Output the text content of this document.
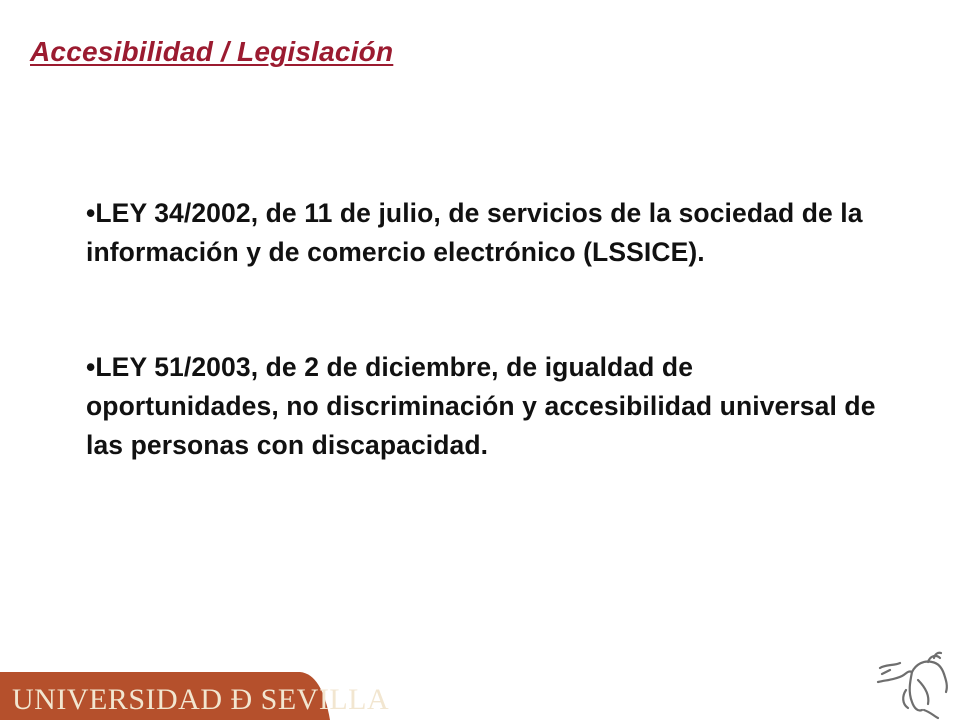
Accesibilidad / Legislación
•LEY 34/2002, de 11 de julio, de servicios de la sociedad de la información y de comercio electrónico (LSSICE).
•LEY 51/2003, de 2 de diciembre, de igualdad de oportunidades, no discriminación y accesibilidad universal de las personas con discapacidad.
UNIVERSIDAD Ð SEVILLA
